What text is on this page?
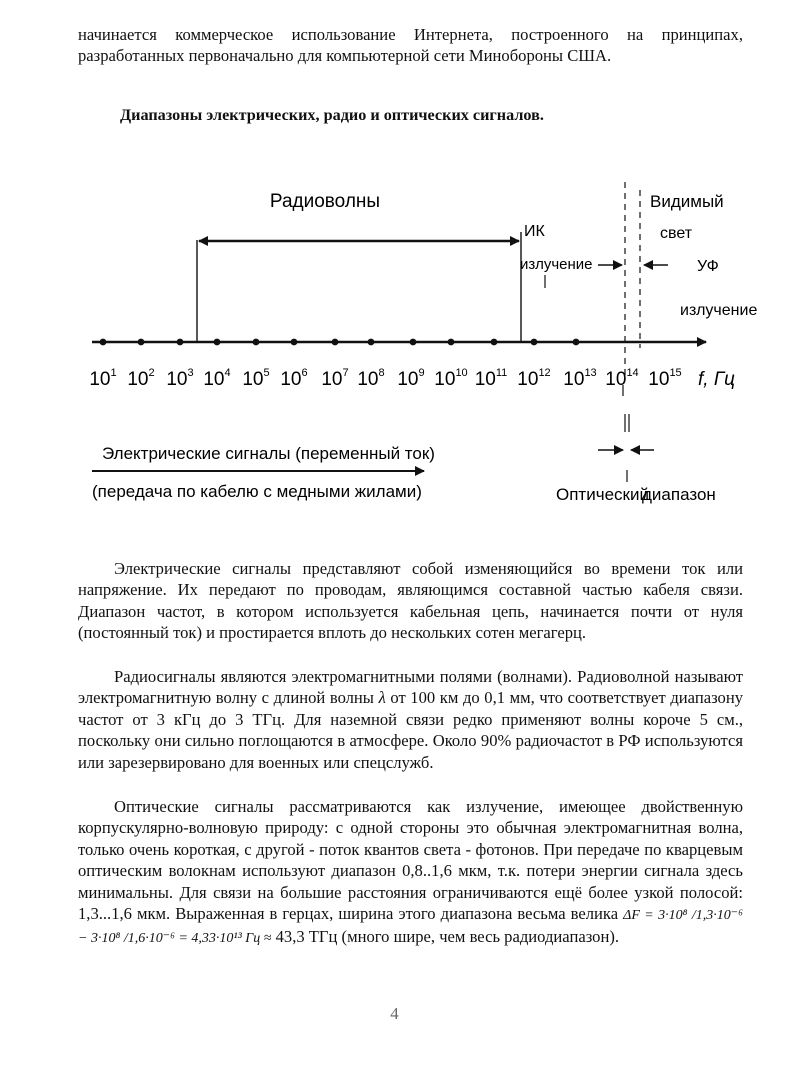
начинается коммерческое использование Интернета, построенного на принципах, разработанных первоначально для компьютерной сети Минобороны США.

Диапазоны электрических, радио и оптических сигналов.

Радиоволны
ИК
излучение
Видимый
свет
УФ
излучение
$10^1$ $10^2$ $10^3$ $10^4$ $10^5$ $10^6$ $10^7$ $10^8$ $10^9$ $10^{10}$ $10^{11}$ $10^{12}$ $10^{13}$ $10^{14}$ $10^{15}$ f, Гц
Электрические сигналы (переменный ток)
(передача по кабелю с медными жилами)	Оптический
диапазон

Электрические сигналы представляют собой изменяющийся во времени ток или напряжение. Их передают по проводам, являющимся составной частью кабеля связи. Диапазон частот, в котором используется кабельная цепь, начинается почти от нуля (постоянный ток) и простирается вплоть до нескольких сотен мегагерц.

Радиосигналы являются электромагнитными полями (волнами). Радиоволной называют электромагнитную волну с длиной волны λ от 100 км до 0,1 мм, что соответствует диапазону частот от 3 кГц до 3 ТГц. Для наземной связи редко применяют волны короче 5 см., поскольку они сильно поглощаются в атмосфере. Около 90% радиочастот в РФ используются или зарезервировано для военных или спецслужб.

Оптические сигналы рассматриваются как излучение, имеющее двойственную корпускулярно-волновую природу: с одной стороны это обычная электромагнитная волна, только очень короткая, с другой - поток квантов света - фотонов. При передаче по кварцевым оптическим волокнам используют диапазон 0,8..1,6 мкм, т.к. потери энергии сигнала здесь минимальны. Для связи на большие расстояния ограничиваются ещё более узкой полосой: 1,3...1,6 мкм. Выраженная в герцах, ширина этого диапазона весьма велика ΔF = 3·10⁸ /1,3·10⁻⁶ − 3·10⁸ /1,6·10⁻⁶ = 4,33·10¹³ Гц ≈ 43,3 ТГц (много шире, чем весь радиодиапазон).

4
